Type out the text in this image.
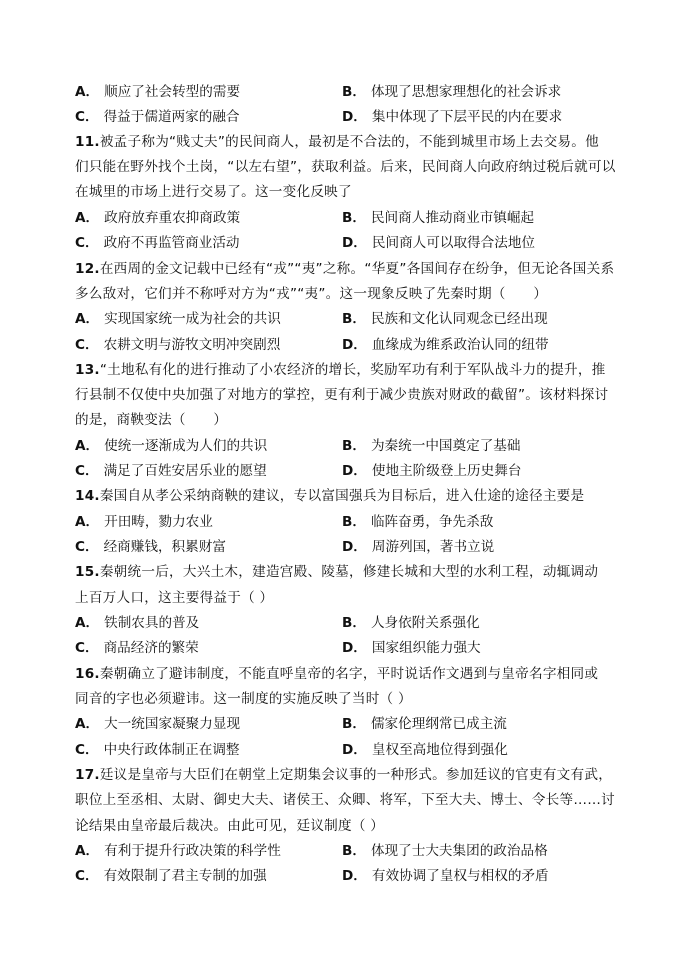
A． 顺应了社会转型的需要	B． 体现了思想家理想化的社会诉求
C． 得益于儒道两家的融合	D． 集中体现了下层平民的内在要求
11.被孟子称为“贱丈夫”的民间商人，最初是不合法的，不能到城里市场上去交易。他
们只能在野外找个土岗，“以左右望”，获取利益。后来，民间商人向政府纳过税后就可以
在城里的市场上进行交易了。这一变化反映了
A． 政府放弃重农抑商政策	B． 民间商人推动商业市镇崛起
C． 政府不再监管商业活动	D． 民间商人可以取得合法地位
12.在西周的金文记载中已经有“戎”“夷”之称。“华夏”各国间存在纷争，但无论各国关系
多么敌对，它们并不称呼对方为“戎”“夷”。这一现象反映了先秦时期（　　）
A． 实现国家统一成为社会的共识	B． 民族和文化认同观念已经出现
C． 农耕文明与游牧文明冲突剧烈	D． 血缘成为维系政治认同的纽带
13.“土地私有化的进行推动了小农经济的增长，奖励军功有利于军队战斗力的提升，推
行县制不仅使中央加强了对地方的掌控，更有利于减少贵族对财政的截留”。该材料探讨
的是，商鞅变法（　　）
A． 使统一逐渐成为人们的共识	B． 为秦统一中国奠定了基础
C． 满足了百姓安居乐业的愿望	D． 使地主阶级登上历史舞台
14.秦国自从孝公采纳商鞅的建议，专以富国强兵为目标后，进入仕途的途径主要是
A． 开田畴，勠力农业	B． 临阵奋勇，争先杀敌
C． 经商赚钱，积累财富	D． 周游列国，著书立说
15.秦朝统一后，大兴土木，建造宫殿、陵墓，修建长城和大型的水利工程，动辄调动
上百万人口，这主要得益于（ ）
A． 铁制农具的普及	B． 人身依附关系强化
C． 商品经济的繁荣	D． 国家组织能力强大
16.秦朝确立了避讳制度，不能直呼皇帝的名字，平时说话作文遇到与皇帝名字相同或
同音的字也必须避讳。这一制度的实施反映了当时（ ）
A． 大一统国家凝聚力显现	B． 儒家伦理纲常已成主流
C． 中央行政体制正在调整	D． 皇权至高地位得到强化
17.廷议是皇帝与大臣们在朝堂上定期集会议事的一种形式。参加廷议的官吏有文有武，
职位上至丞相、太尉、御史大夫、诸侯王、众卿、将军，下至大夫、博士、令长等……讨
论结果由皇帝最后裁决。由此可见，廷议制度（ ）
A． 有利于提升行政决策的科学性	B． 体现了士大夫集团的政治品格
C． 有效限制了君主专制的加强	D． 有效协调了皇权与相权的矛盾
